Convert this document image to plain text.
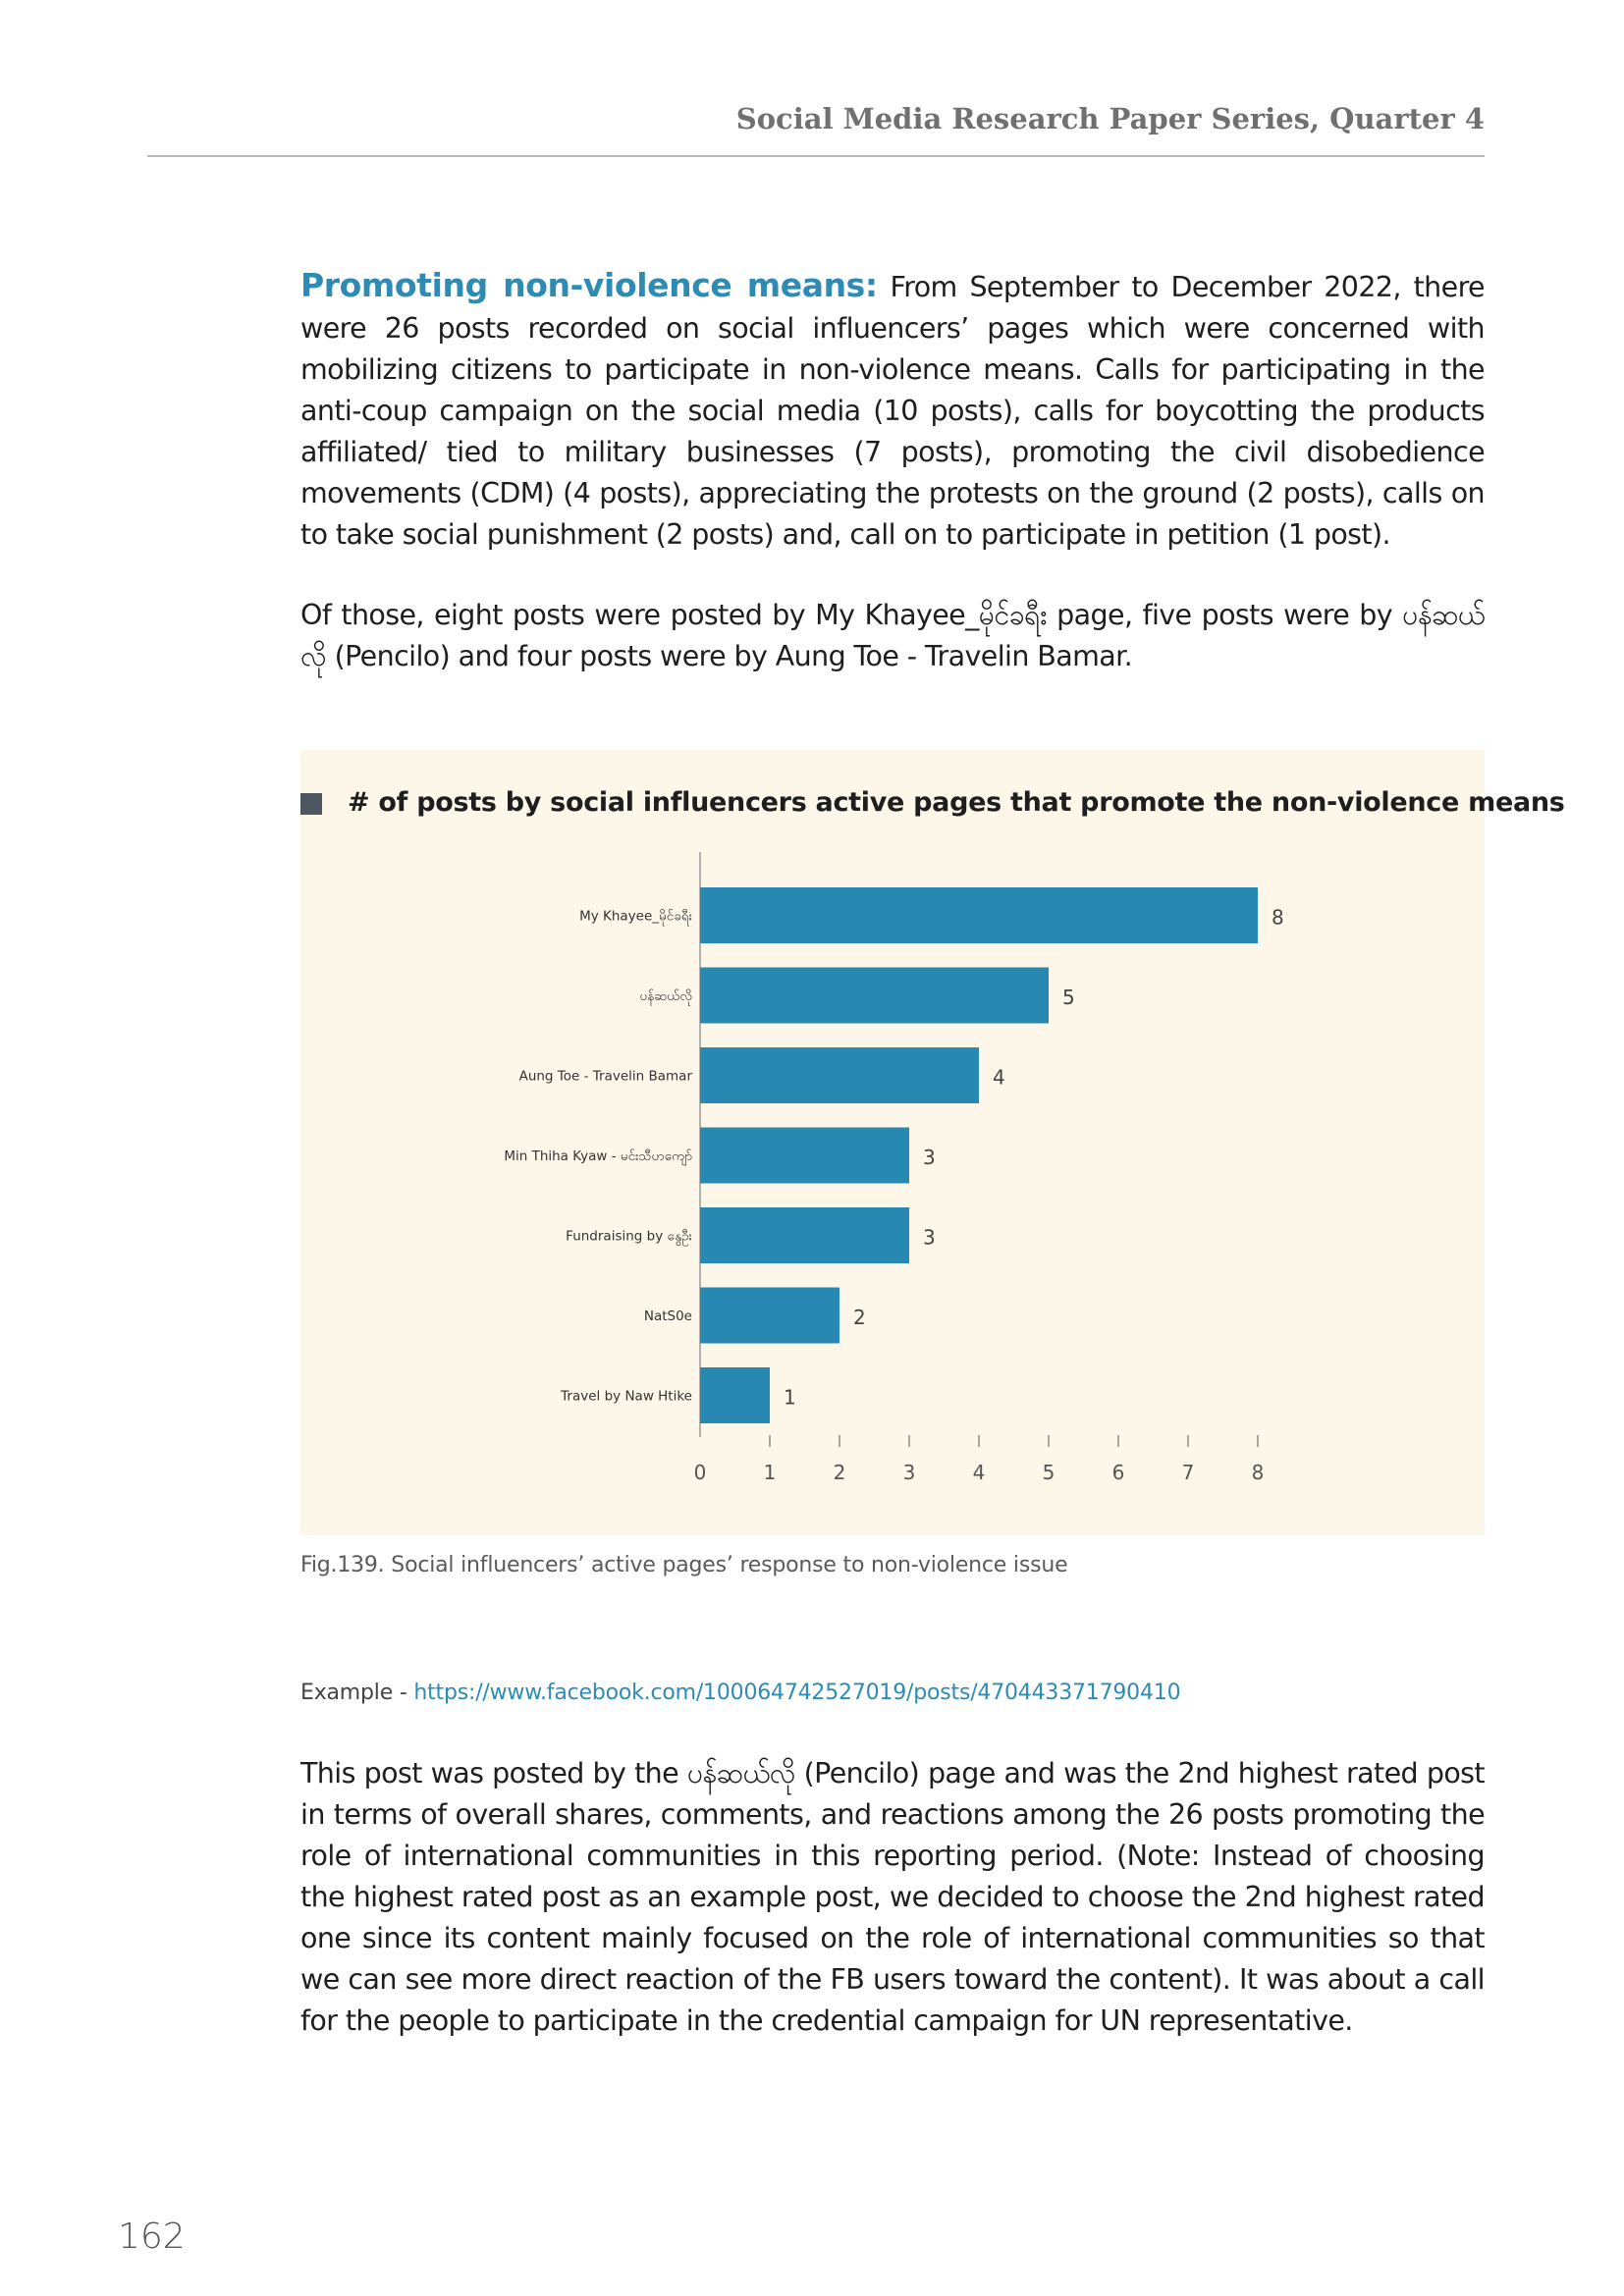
Social Media Research Paper Series, Quarter 4

Promoting non-violence means: From September to December 2022, there were 26 posts recorded on social influencers’ pages which were concerned with mobilizing citizens to participate in non-violence means. Calls for participating in the anti-coup campaign on the social media (10 posts), calls for boycotting the products affiliated/ tied to military businesses (7 posts), promoting the civil disobedience movements (CDM) (4 posts), appreciating the protests on the ground (2 posts), calls on to take social punishment (2 posts) and, call on to participate in petition (1 post).

Of those, eight posts were posted by My Khayee_မိုင်ခရီး page, five posts were by ပန်ဆယ်လို (Pencilo) and four posts were by Aung Toe - Travelin Bamar.

# of posts by social influencers active pages that promote the non-violence means
My Khayee_မိုင်ခရီး	8
ပန်ဆယ်လို	5
Aung Toe - Travelin Bamar	4
Min Thiha Kyaw - မင်းသီဟကျော်	3
Fundraising by နွေဦး	3
NatS0e	2
Travel by Naw Htike	1
0	1	2	3	4	5	6	7	8
Fig.139. Social influencers’ active pages’ response to non-violence issue
Example - https://www.facebook.com/100064742527019/posts/470443371790410

This post was posted by the ပန်ဆယ်လို (Pencilo) page and was the 2nd highest rated post in terms of overall shares, comments, and reactions among the 26 posts promoting the role of international communities in this reporting period. (Note: Instead of choosing the highest rated post as an example post, we decided to choose the 2nd highest rated one since its content mainly focused on the role of international communities so that we can see more direct reaction of the FB users toward the content). It was about a call for the people to participate in the credential campaign for UN representative.

162
